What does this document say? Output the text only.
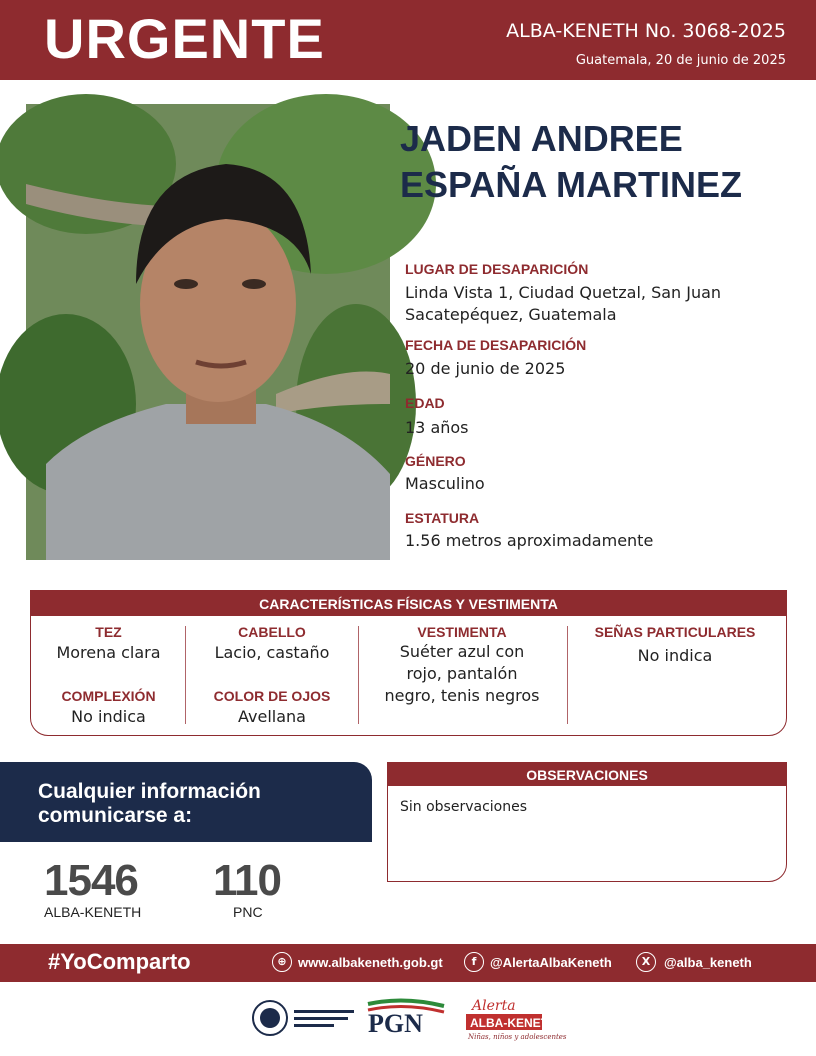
URGENTE	ALBA-KENETH No. 3068-2025
Guatemala, 20 de junio de 2025
JADEN ANDREE
ESPAÑA MARTINEZ
LUGAR DE DESAPARICIÓN
Linda Vista 1, Ciudad Quetzal, San Juan
Sacatepéquez, Guatemala
FECHA DE DESAPARICIÓN
20 de junio de 2025
EDAD
13 años
GÉNERO
Masculino
ESTATURA
1.56 metros aproximadamente
CARACTERÍSTICAS FÍSICAS Y VESTIMENTA
TEZ
Morena clara
COMPLEXIÓN
No indica
CABELLO
Lacio, castaño
COLOR DE OJOS
Avellana
VESTIMENTA
Suéter azul con
rojo, pantalón
negro, tenis negros
SEÑAS PARTICULARES
No indica
Cualquier información
comunicarse a:
1546
ALBA-KENETH
110
PNC
OBSERVACIONES
Sin observaciones
#YoComparto	⊕ www.albakeneth.gob.gt	f	@AlertaAlbaKeneth	X	@alba_keneth
PGN
Alerta
ALBA-KENETH
Niñas, niños y adolescentes
